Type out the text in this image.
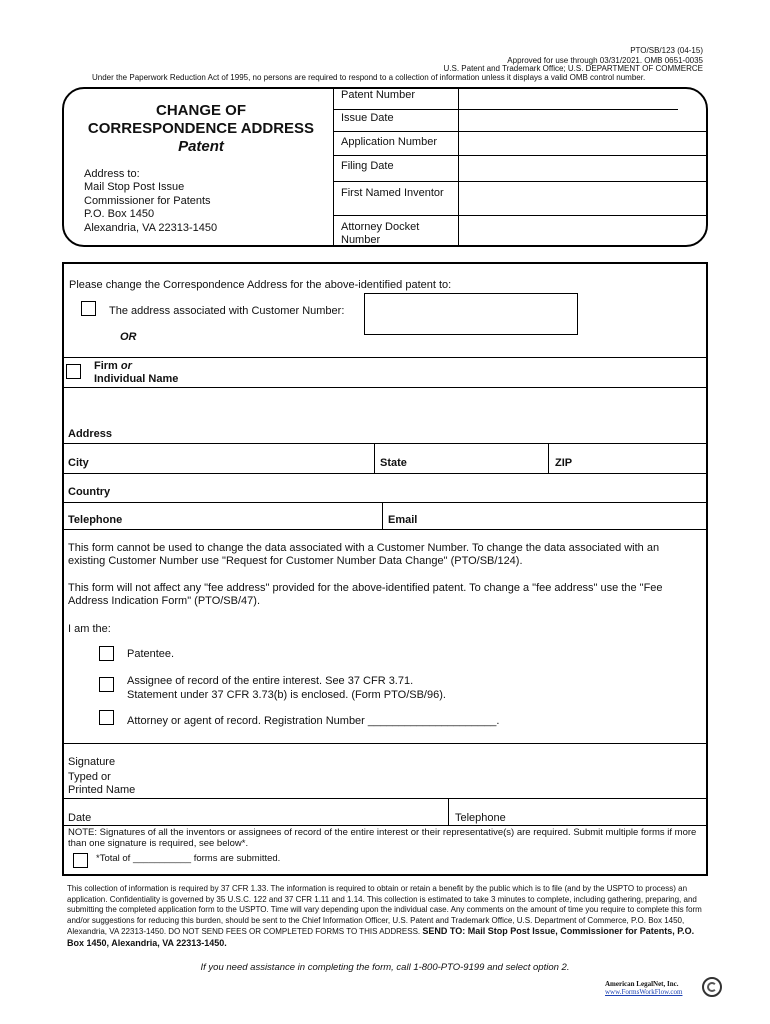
PTO/SB/123 (04-15)
Approved for use through 03/31/2021. OMB 0651-0035
U.S. Patent and Trademark Office; U.S. DEPARTMENT OF COMMERCE
Under the Paperwork Reduction Act of 1995, no persons are required to respond to a collection of information unless it displays a valid OMB control number.
CHANGE OF
CORRESPONDENCE ADDRESS
Patent
Address to:
Mail Stop Post Issue
Commissioner for Patents
P.O. Box 1450
Alexandria, VA 22313-1450
Patent Number
Issue Date
Application Number
Filing Date
First Named Inventor
Attorney Docket
Number
Please change the Correspondence Address for the above-identified patent to:
The address associated with Customer Number:
OR
Firm or
Individual Name
Address
City	State	ZIP
Country
Telephone	Email
This form cannot be used to change the data associated with a Customer Number. To change the data associated with an existing Customer Number use "Request for Customer Number Data Change" (PTO/SB/124).
This form will not affect any "fee address" provided for the above-identified patent. To change a "fee address" use the "Fee Address Indication Form" (PTO/SB/47).
I am the:
Patentee.
Assignee of record of the entire interest. See 37 CFR 3.71.
Statement under 37 CFR 3.73(b) is enclosed. (Form PTO/SB/96).
Attorney or agent of record. Registration Number _____________________.
Signature
Typed or
Printed Name
Date	Telephone
NOTE: Signatures of all the inventors or assignees of record of the entire interest or their representative(s) are required. Submit multiple forms if more than one signature is required, see below*.
*Total of ___________ forms are submitted.
This collection of information is required by 37 CFR 1.33. The information is required to obtain or retain a benefit by the public which is to file (and by the USPTO to process) an application. Confidentiality is governed by 35 U.S.C. 122 and 37 CFR 1.11 and 1.14. This collection is estimated to take 3 minutes to complete, including gathering, preparing, and submitting the completed application form to the USPTO. Time will vary depending upon the individual case. Any comments on the amount of time you require to complete this form and/or suggestions for reducing this burden, should be sent to the Chief Information Officer, U.S. Patent and Trademark Office, U.S. Department of Commerce, P.O. Box 1450, Alexandria, VA 22313-1450. DO NOT SEND FEES OR COMPLETED FORMS TO THIS ADDRESS. SEND TO: Mail Stop Post Issue, Commissioner for Patents, P.O. Box 1450, Alexandria, VA 22313-1450.
If you need assistance in completing the form, call 1-800-PTO-9199 and select option 2.
American LegalNet, Inc.
www.FormsWorkFlow.com
